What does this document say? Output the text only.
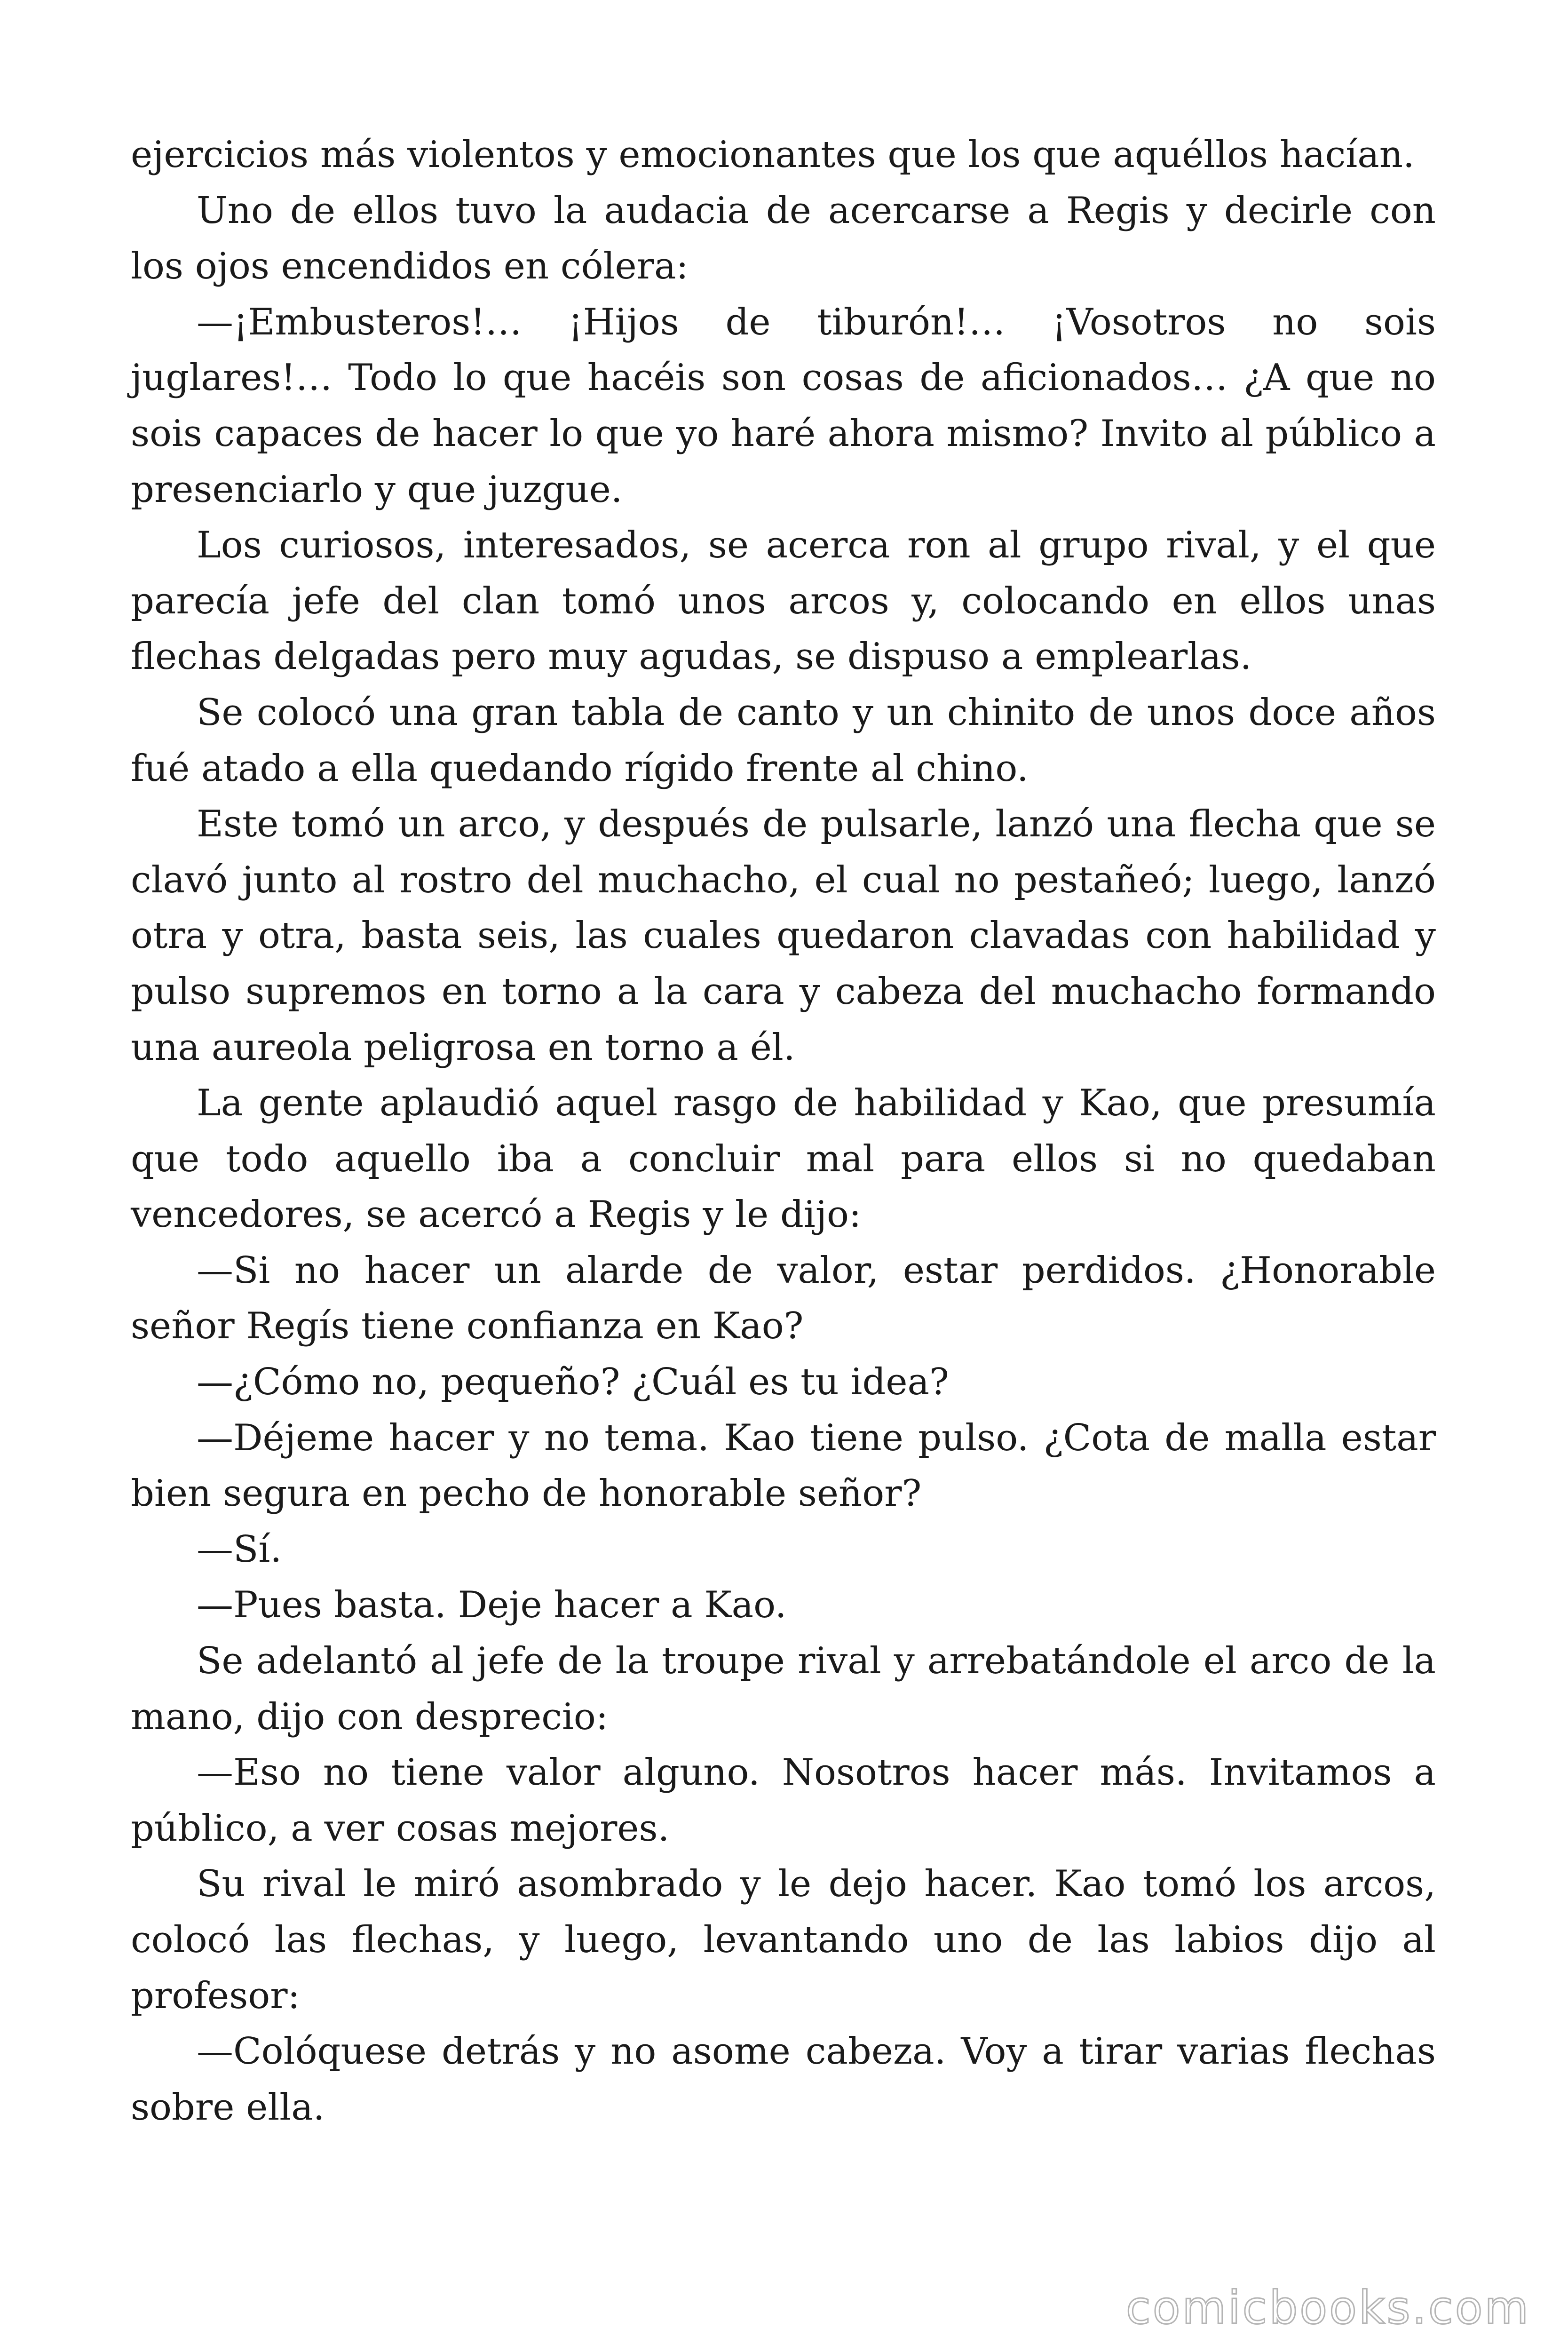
ejercicios más violentos y emocionantes que los que aquéllos hacían.

Uno de ellos tuvo la audacia de acercarse a Regis y decirle con los ojos encendidos en cólera:

—¡Embusteros!… ¡Hijos de tiburón!… ¡Vosotros no sois juglares!… Todo lo que hacéis son cosas de aficionados… ¿A que no sois capaces de hacer lo que yo haré ahora mismo? Invito al público a presenciarlo y que juzgue.

Los curiosos, interesados, se acerca ron al grupo rival, y el que parecía jefe del clan tomó unos arcos y, colocando en ellos unas flechas delgadas pero muy agudas, se dispuso a emplearlas.

Se colocó una gran tabla de canto y un chinito de unos doce años fué atado a ella quedando rígido frente al chino.

Este tomó un arco, y después de pulsarle, lanzó una flecha que se clavó junto al rostro del muchacho, el cual no pestañeó; luego, lanzó otra y otra, basta seis, las cuales quedaron clavadas con habilidad y pulso supremos en torno a la cara y cabeza del muchacho formando una aureola peligrosa en torno a él.

La gente aplaudió aquel rasgo de habilidad y Kao, que presumía que todo aquello iba a concluir mal para ellos si no quedaban vencedores, se acercó a Regis y le dijo:

—Si no hacer un alarde de valor, estar perdidos. ¿Honorable señor Regís tiene confianza en Kao?

—¿Cómo no, pequeño? ¿Cuál es tu idea?

—Déjeme hacer y no tema. Kao tiene pulso. ¿Cota de malla estar bien segura en pecho de honorable señor?

—Sí.

—Pues basta. Deje hacer a Kao.

Se adelantó al jefe de la troupe rival y arrebatándole el arco de la mano, dijo con desprecio:

—Eso no tiene valor alguno. Nosotros hacer más. Invitamos a público, a ver cosas mejores.

Su rival le miró asombrado y le dejo hacer. Kao tomó los arcos, colocó las flechas, y luego, levantando uno de las labios dijo al profesor:

—Colóquese detrás y no asome cabeza. Voy a tirar varias flechas sobre ella.

comicbooks.com
